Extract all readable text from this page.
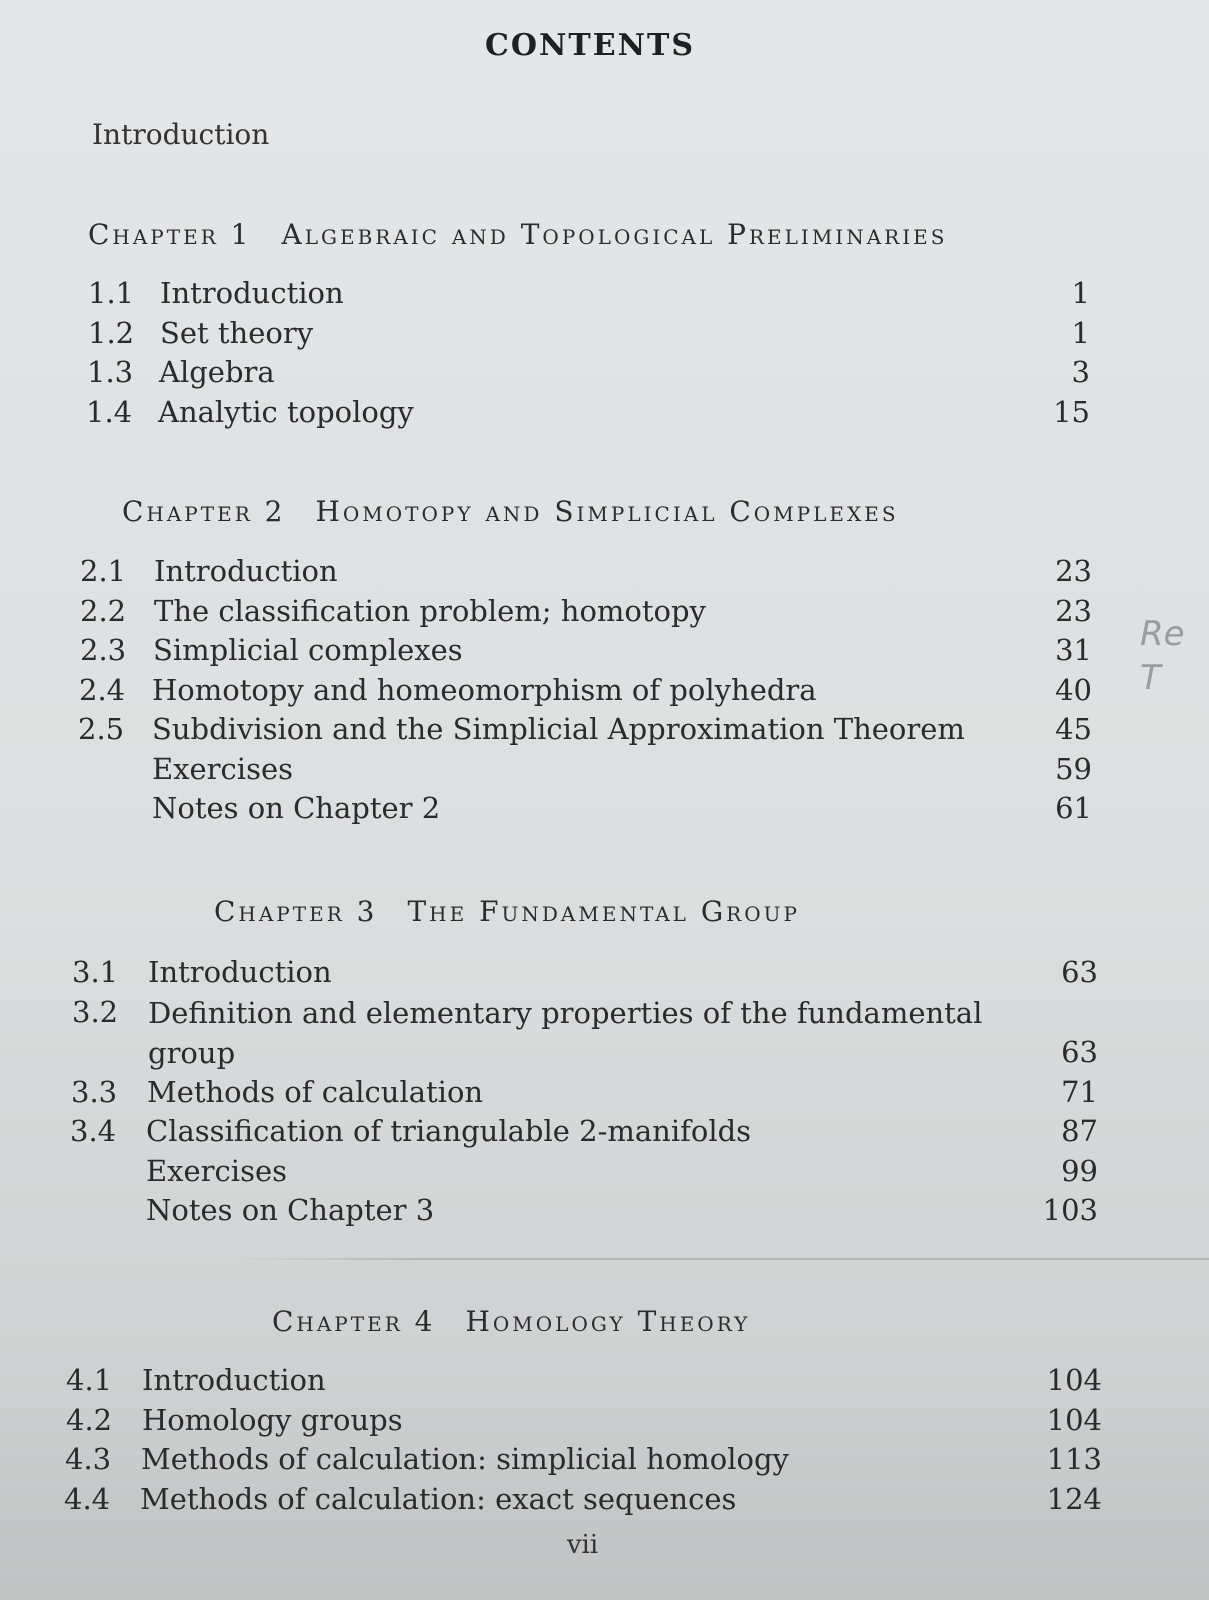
CONTENTS
Introduction
Chapter 1 Algebraic and Topological Preliminaries
1.1 Introduction	1
1.2 Set theory	1
1.3 Algebra	3
1.4 Analytic topology	15
Chapter 2 Homotopy and Simplicial Complexes
2.1 Introduction	23
2.2 The classification problem; homotopy	23
2.3 Simplicial complexes	31
2.4 Homotopy and homeomorphism of polyhedra	40
2.5 Subdivision and the Simplicial Approximation Theorem	45
Exercises	59
Notes on Chapter 2	61
Re
T
Chapter 3 The Fundamental Group
3.1 Introduction	63
3.2 Definition and elementary properties of the fundamental group	63
3.3 Methods of calculation	71
3.4 Classification of triangulable 2-manifolds	87
Exercises	99
Notes on Chapter 3	103
Chapter 4 Homology Theory
4.1 Introduction	104
4.2 Homology groups	104
4.3 Methods of calculation: simplicial homology	113
4.4 Methods of calculation: exact sequences	124
vii
